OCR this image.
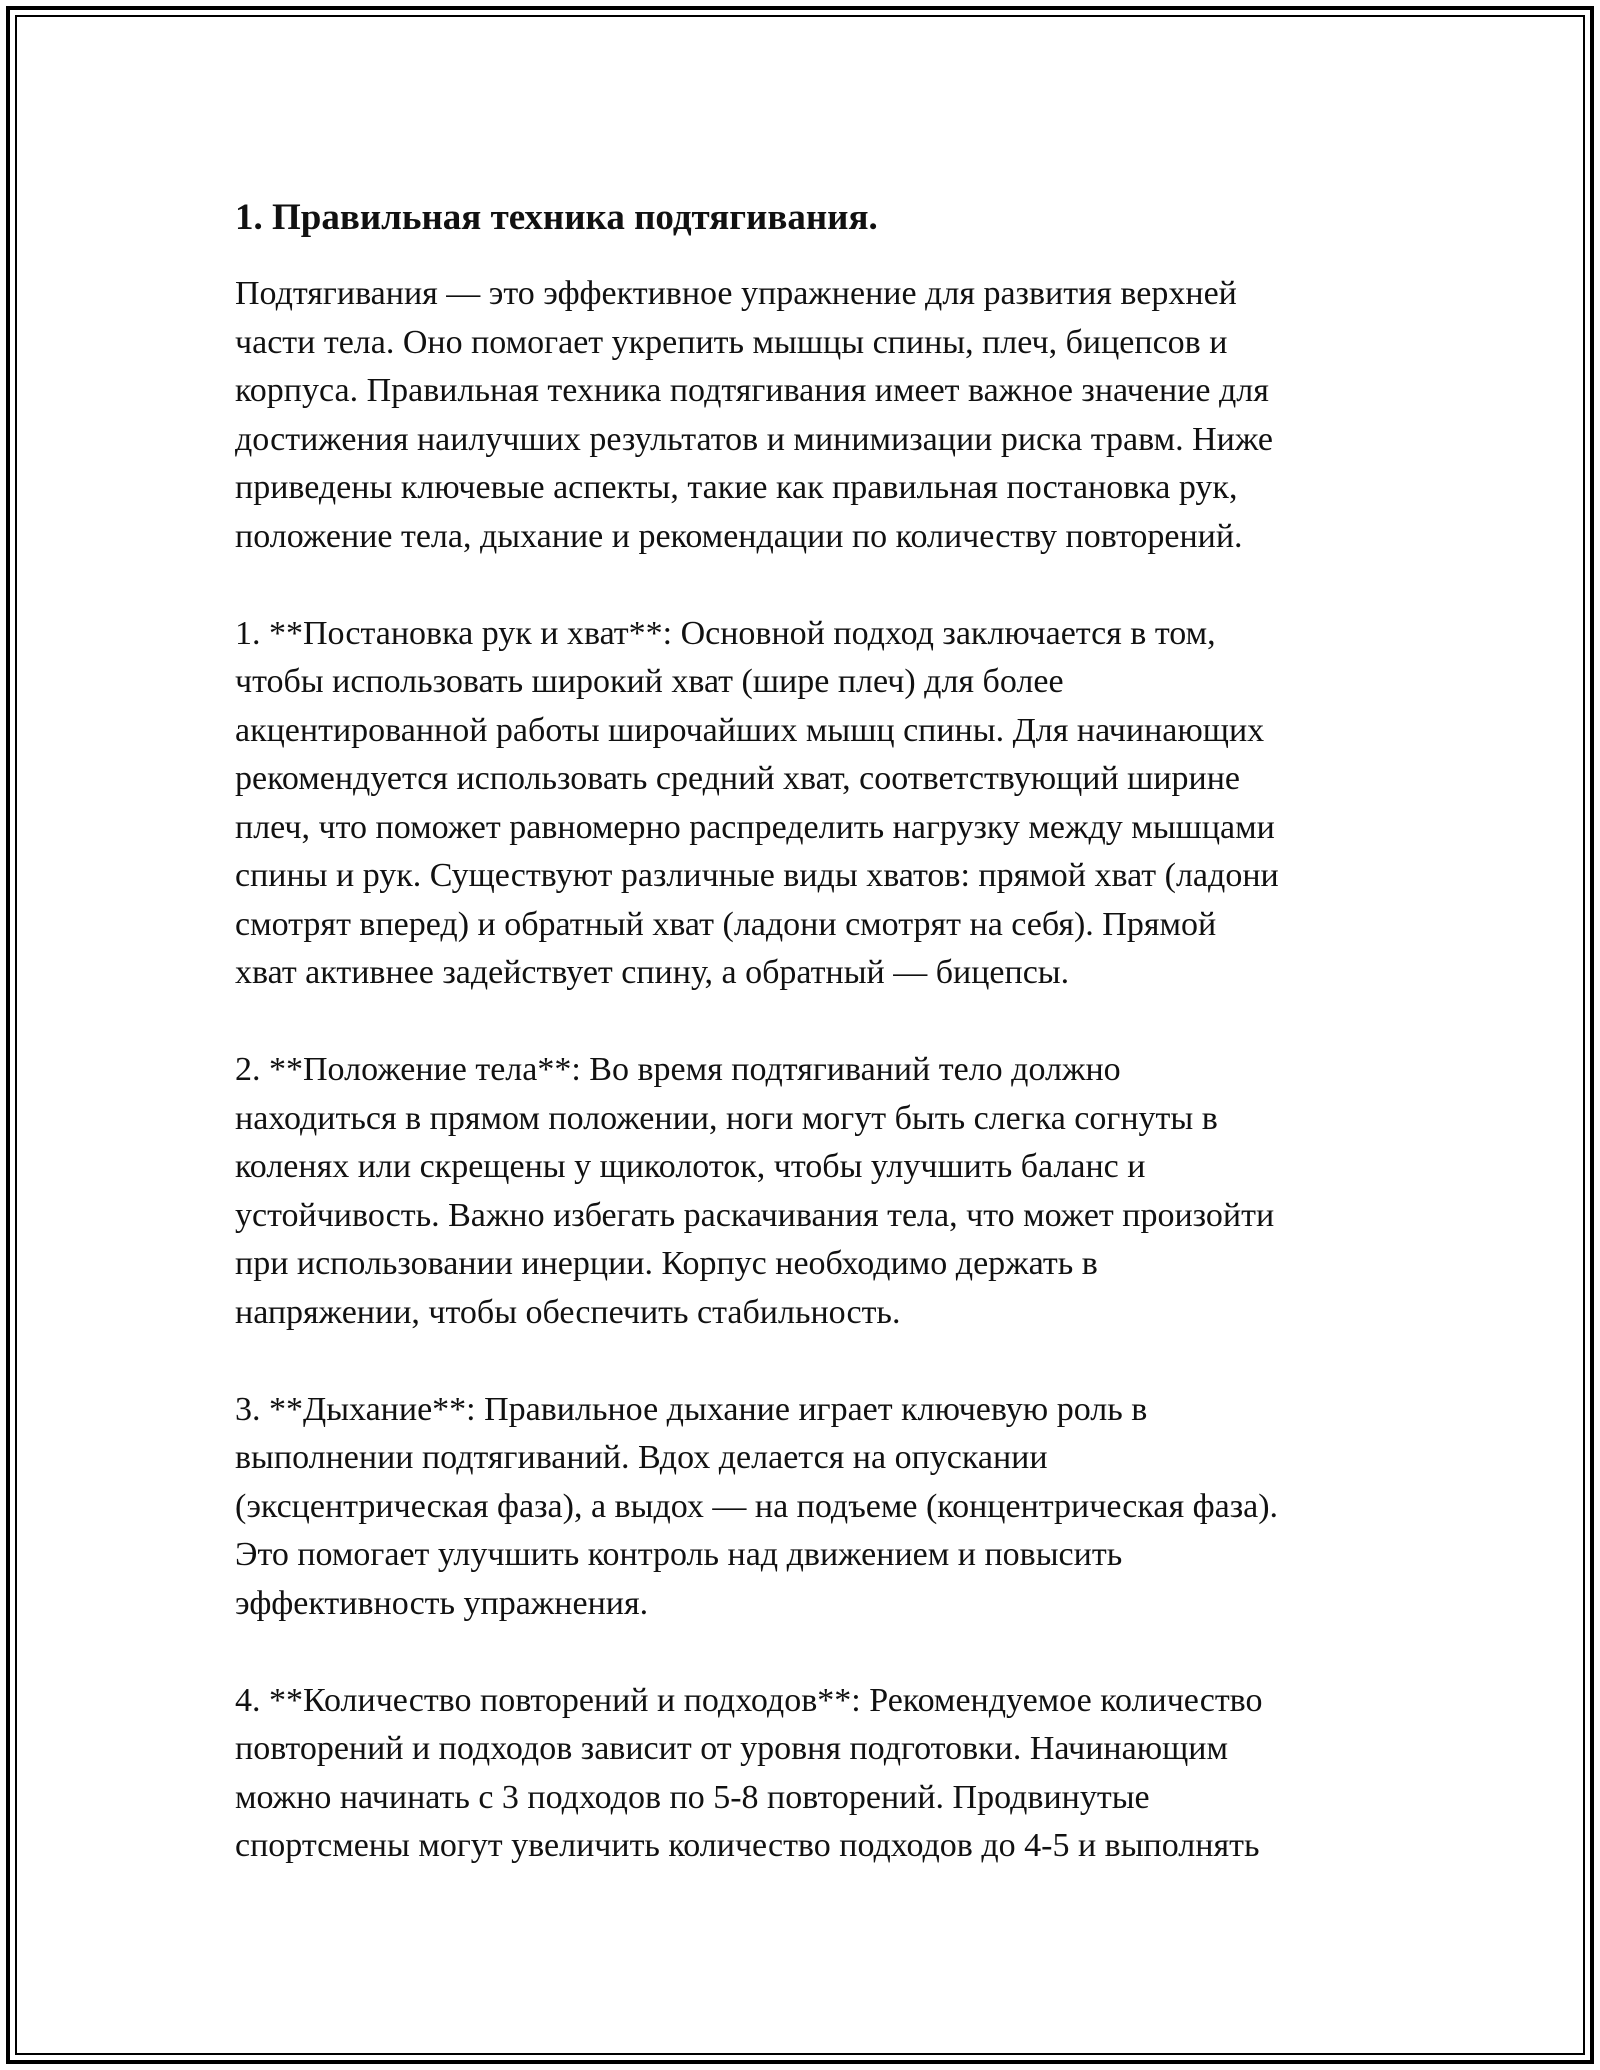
1. Правильная техника подтягивания.
Подтягивания — это эффективное упражнение для развития верхней
части тела. Оно помогает укрепить мышцы спины, плеч, бицепсов и
корпуса. Правильная техника подтягивания имеет важное значение для
достижения наилучших результатов и минимизации риска травм. Ниже
приведены ключевые аспекты, такие как правильная постановка рук,
положение тела, дыхание и рекомендации по количеству повторений.
1. **Постановка рук и хват**: Основной подход заключается в том,
чтобы использовать широкий хват (шире плеч) для более
акцентированной работы широчайших мышц спины. Для начинающих
рекомендуется использовать средний хват, соответствующий ширине
плеч, что поможет равномерно распределить нагрузку между мышцами
спины и рук. Существуют различные виды хватов: прямой хват (ладони
смотрят вперед) и обратный хват (ладони смотрят на себя). Прямой
хват активнее задействует спину, а обратный — бицепсы.
2. **Положение тела**: Во время подтягиваний тело должно
находиться в прямом положении, ноги могут быть слегка согнуты в
коленях или скрещены у щиколоток, чтобы улучшить баланс и
устойчивость. Важно избегать раскачивания тела, что может произойти
при использовании инерции. Корпус необходимо держать в
напряжении, чтобы обеспечить стабильность.
3. **Дыхание**: Правильное дыхание играет ключевую роль в
выполнении подтягиваний. Вдох делается на опускании
(эксцентрическая фаза), а выдох — на подъеме (концентрическая фаза).
Это помогает улучшить контроль над движением и повысить
эффективность упражнения.
4. **Количество повторений и подходов**: Рекомендуемое количество
повторений и подходов зависит от уровня подготовки. Начинающим
можно начинать с 3 подходов по 5-8 повторений. Продвинутые
спортсмены могут увеличить количество подходов до 4-5 и выполнять
